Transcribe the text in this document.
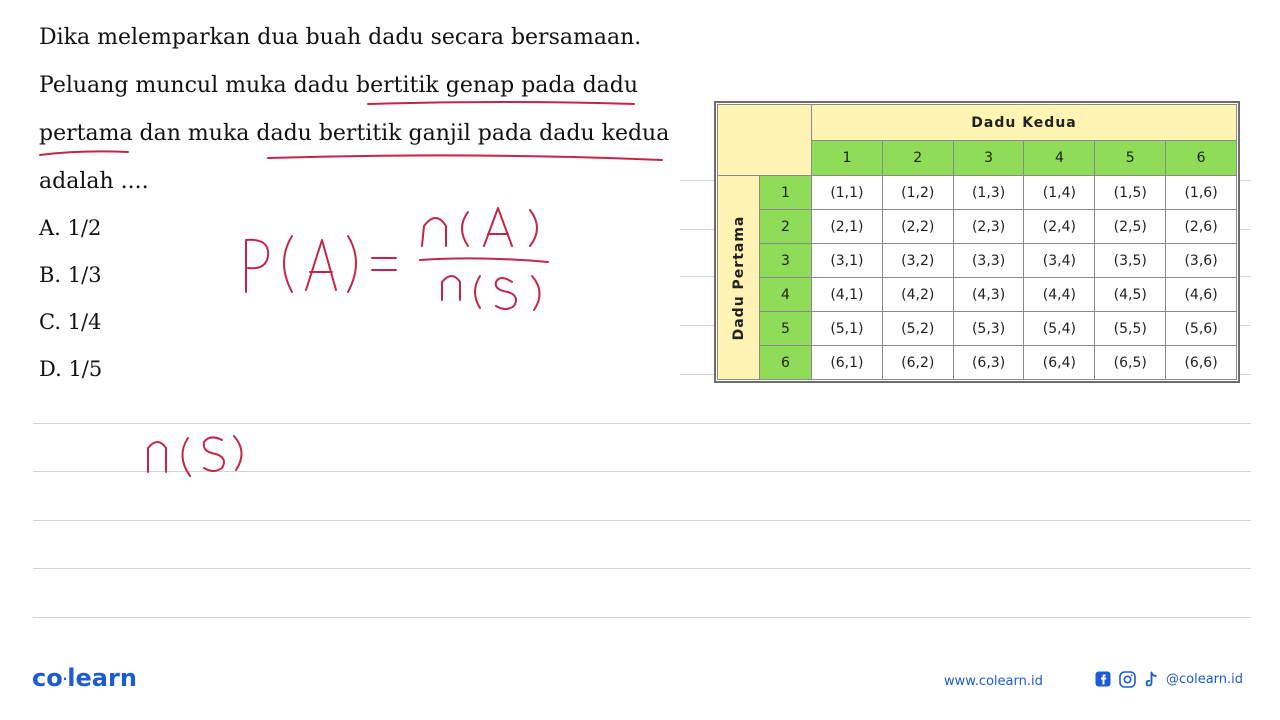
Dika melemparkan dua buah dadu secara bersamaan.

Peluang muncul muka dadu bertitik genap pada dadu

pertama dan muka dadu bertitik ganjil pada dadu kedua

adalah ....

A. 1/2
B. 1/3
C. 1/4
D. 1/5
		Dadu Kedua					
		1	2	3	4	5	6

Dadu Pertama	1	(1,1)	(1,2)	(1,3)	(1,4)	(1,5)	(1,6)
	2	(2,1)	(2,2)	(2,3)	(2,4)	(2,5)	(2,6)
	3	(3,1)	(3,2)	(3,3)	(3,4)	(3,5)	(3,6)
	4	(4,1)	(4,2)	(4,3)	(4,4)	(4,5)	(4,6)
	5	(5,1)	(5,2)	(5,3)	(5,4)	(5,5)	(5,6)
	6	(6,1)	(6,2)	(6,3)	(6,4)	(6,5)	(6,6)
co·learn	www.colearn.id	@colearn.id
